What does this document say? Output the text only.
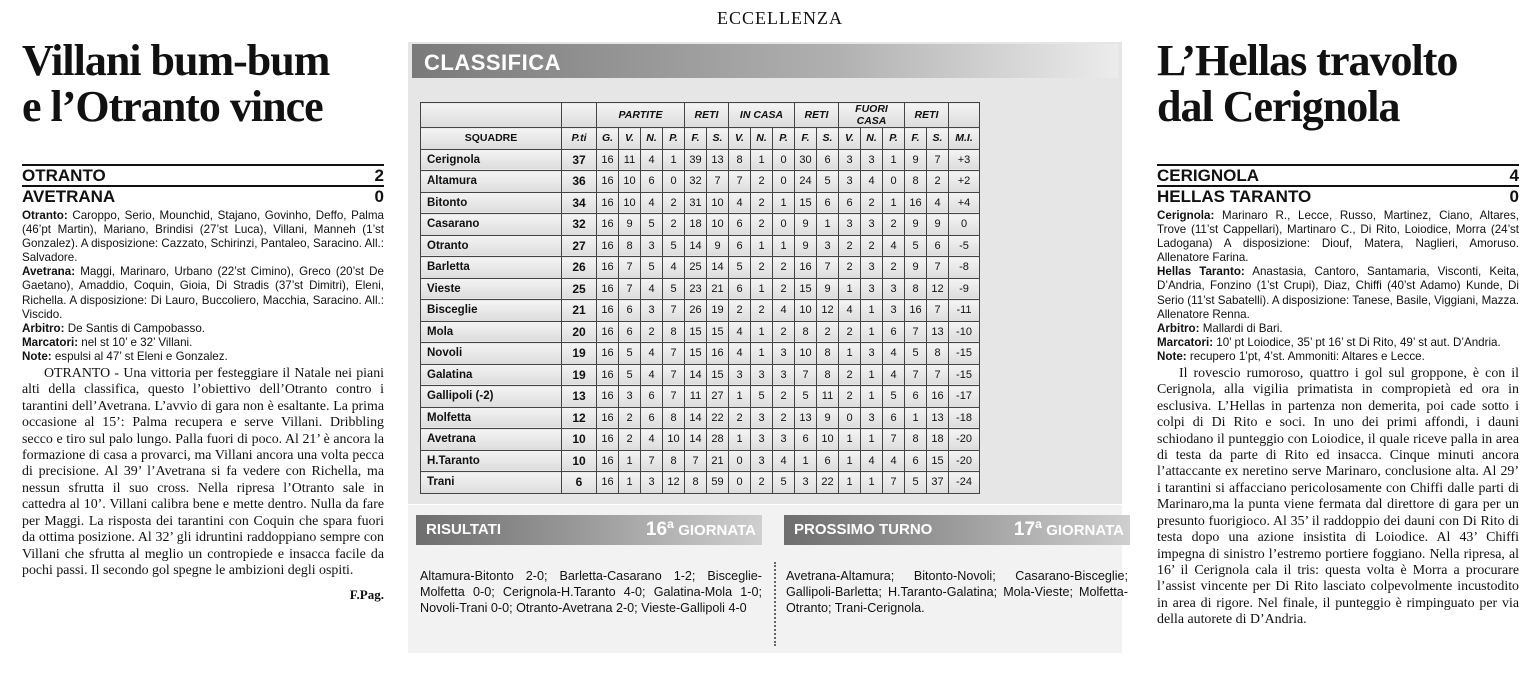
ECCELLENZA
Villani bum-bum
e l’Otranto vince
OTRANTO	2
AVETRANA	0

Otranto: Caroppo, Serio, Mounchid, Stajano, Govinho, Deffo, Palma (46’pt Martin), Mariano, Brindisi (27’st Luca), Villani, Manneh (1’st Gonzalez). A disposizione: Cazzato, Schirinzi, Pantaleo, Saracino. All.: Salvadore.
Avetrana: Maggi, Marinaro, Urbano (22’st Cimino), Greco (20’st De Gaetano), Amaddio, Coquin, Gioia, Di Stradis (37’st Dimitri), Eleni, Richella. A disposizione: Di Lauro, Buccoliero, Macchia, Saracino. All.: Viscido.
Arbitro: De Santis di Campobasso.
Marcatori: nel st 10’ e 32’ Villani.
Note: espulsi al 47’ st Eleni e Gonzalez.

OTRANTO - Una vittoria per festeggiare il Natale nei piani alti della classifica, questo l’obiettivo dell’Otranto contro i tarantini dell’Avetrana. L’avvio di gara non è esaltante. La prima occasione al 15’: Palma recupera e serve Villani. Dribbling secco e tiro sul palo lungo. Palla fuori di poco. Al 21’ è ancora la formazione di casa a provarci, ma Villani ancora una volta pecca di precisione. Al 39’ l’Avetrana si fa vedere con Richella, ma nessun sfrutta il suo cross. Nella ripresa l’Otranto sale in cattedra al 10’. Villani calibra bene e mette dentro. Nulla da fare per Maggi. La risposta dei tarantini con Coquin che spara fuori da ottima posizione. Al 32’ gli idruntini raddoppiano sempre con Villani che sfrutta al meglio un contropiede e insacca facile da pochi passi. Il secondo gol spegne le ambizioni degli ospiti.

F.Pag.
CLASSIFICA
		PARTITE				RETI		IN CASA			RETI		FUORI CASA			RETI		
SQUADRE	P.ti	G.	V.	N.	P.	F.	S.	V.	N.	P.	F.	S.	V.	N.	P.	F.	S.	M.I.
Cerignola	37	16	11	4	1	39	13	8	1	0	30	6	3	3	1	9	7	+3
Altamura	36	16	10	6	0	32	7	7	2	0	24	5	3	4	0	8	2	+2
Bitonto	34	16	10	4	2	31	10	4	2	1	15	6	6	2	1	16	4	+4
Casarano	32	16	9	5	2	18	10	6	2	0	9	1	3	3	2	9	9	0
Otranto	27	16	8	3	5	14	9	6	1	1	9	3	2	2	4	5	6	-5
Barletta	26	16	7	5	4	25	14	5	2	2	16	7	2	3	2	9	7	-8
Vieste	25	16	7	4	5	23	21	6	1	2	15	9	1	3	3	8	12	-9
Bisceglie	21	16	6	3	7	26	19	2	2	4	10	12	4	1	3	16	7	-11
Mola	20	16	6	2	8	15	15	4	1	2	8	2	2	1	6	7	13	-10
Novoli	19	16	5	4	7	15	16	4	1	3	10	8	1	3	4	5	8	-15
Galatina	19	16	5	4	7	14	15	3	3	3	7	8	2	1	4	7	7	-15
Gallipoli (-2)	13	16	3	6	7	11	27	1	5	2	5	11	2	1	5	6	16	-17
Molfetta	12	16	2	6	8	14	22	2	3	2	13	9	0	3	6	1	13	-18
Avetrana	10	16	2	4	10	14	28	1	3	3	6	10	1	1	7	8	18	-20
H.Taranto	10	16	1	7	8	7	21	0	3	4	1	6	1	4	4	6	15	-20
Trani	6	16	1	3	12	8	59	0	2	5	3	22	1	1	7	5	37	-24
RISULTATI	16ª GIORNATA
Altamura-Bitonto 2-0; Barletta-Casarano 1-2; Bisceglie-Molfetta 0-0; Cerignola-H.Taranto 4-0; Galatina-Mola 1-0; Novoli-Trani 0-0; Otranto-Avetrana 2-0; Vieste-Gallipoli 4-0
PROSSIMO TURNO	17ª GIORNATA
Avetrana-Altamura; Bitonto-Novoli; Casarano-Bisceglie; Gallipoli-Barletta; H.Taranto-Galatina; Mola-Vieste; Molfetta-Otranto; Trani-Cerignola.
L’Hellas travolto
dal Cerignola
CERIGNOLA	4
HELLAS TARANTO	0

Cerignola: Marinaro R., Lecce, Russo, Martinez, Ciano, Altares, Trove (11’st Cappellari), Martinaro C., Di Rito, Loiodice, Morra (24’st Ladogana) A disposizione: Diouf, Matera, Naglieri, Amoruso. Allenatore Farina.
Hellas Taranto: Anastasia, Cantoro, Santamaria, Visconti, Keita, D’Andria, Fonzino (1’st Crupi), Diaz, Chiffi (40’st Adamo) Kunde, Di Serio (11’st Sabatelli). A disposizione: Tanese, Basile, Viggiani, Mazza. Allenatore Renna.
Arbitro: Mallardi di Bari.
Marcatori: 10’ pt Loiodice, 35’ pt 16’ st Di Rito, 49’ st aut. D’Andria.
Note: recupero 1’pt, 4’st. Ammoniti: Altares e Lecce.

Il rovescio rumoroso, quattro i gol sul groppone, è con il Cerignola, alla vigilia primatista in compropietà ed ora in esclusiva. L’Hellas in partenza non demerita, poi cade sotto i colpi di Di Rito e soci. In uno dei primi affondi, i dauni schiodano il punteggio con Loiodice, il quale riceve palla in area di testa da parte di Rito ed insacca. Cinque minuti ancora l’attaccante ex neretino serve Marinaro, conclusione alta. Al 29’ i tarantini si affacciano pericolosamente con Chiffi dalle parti di Marinaro,ma la punta viene fermata dal direttore di gara per un presunto fuorigioco. Al 35’ il raddoppio dei dauni con Di Rito di testa dopo una azione insistita di Loiodice. Al 43’ Chiffi impegna di sinistro l’estremo portiere foggiano. Nella ripresa, al 16’ il Cerignola cala il tris: questa volta è Morra a procurare l’assist vincente per Di Rito lasciato colpevolmente incustodito in area di rigore. Nel finale, il punteggio è rimpinguato per via della autorete di D’Andria.
